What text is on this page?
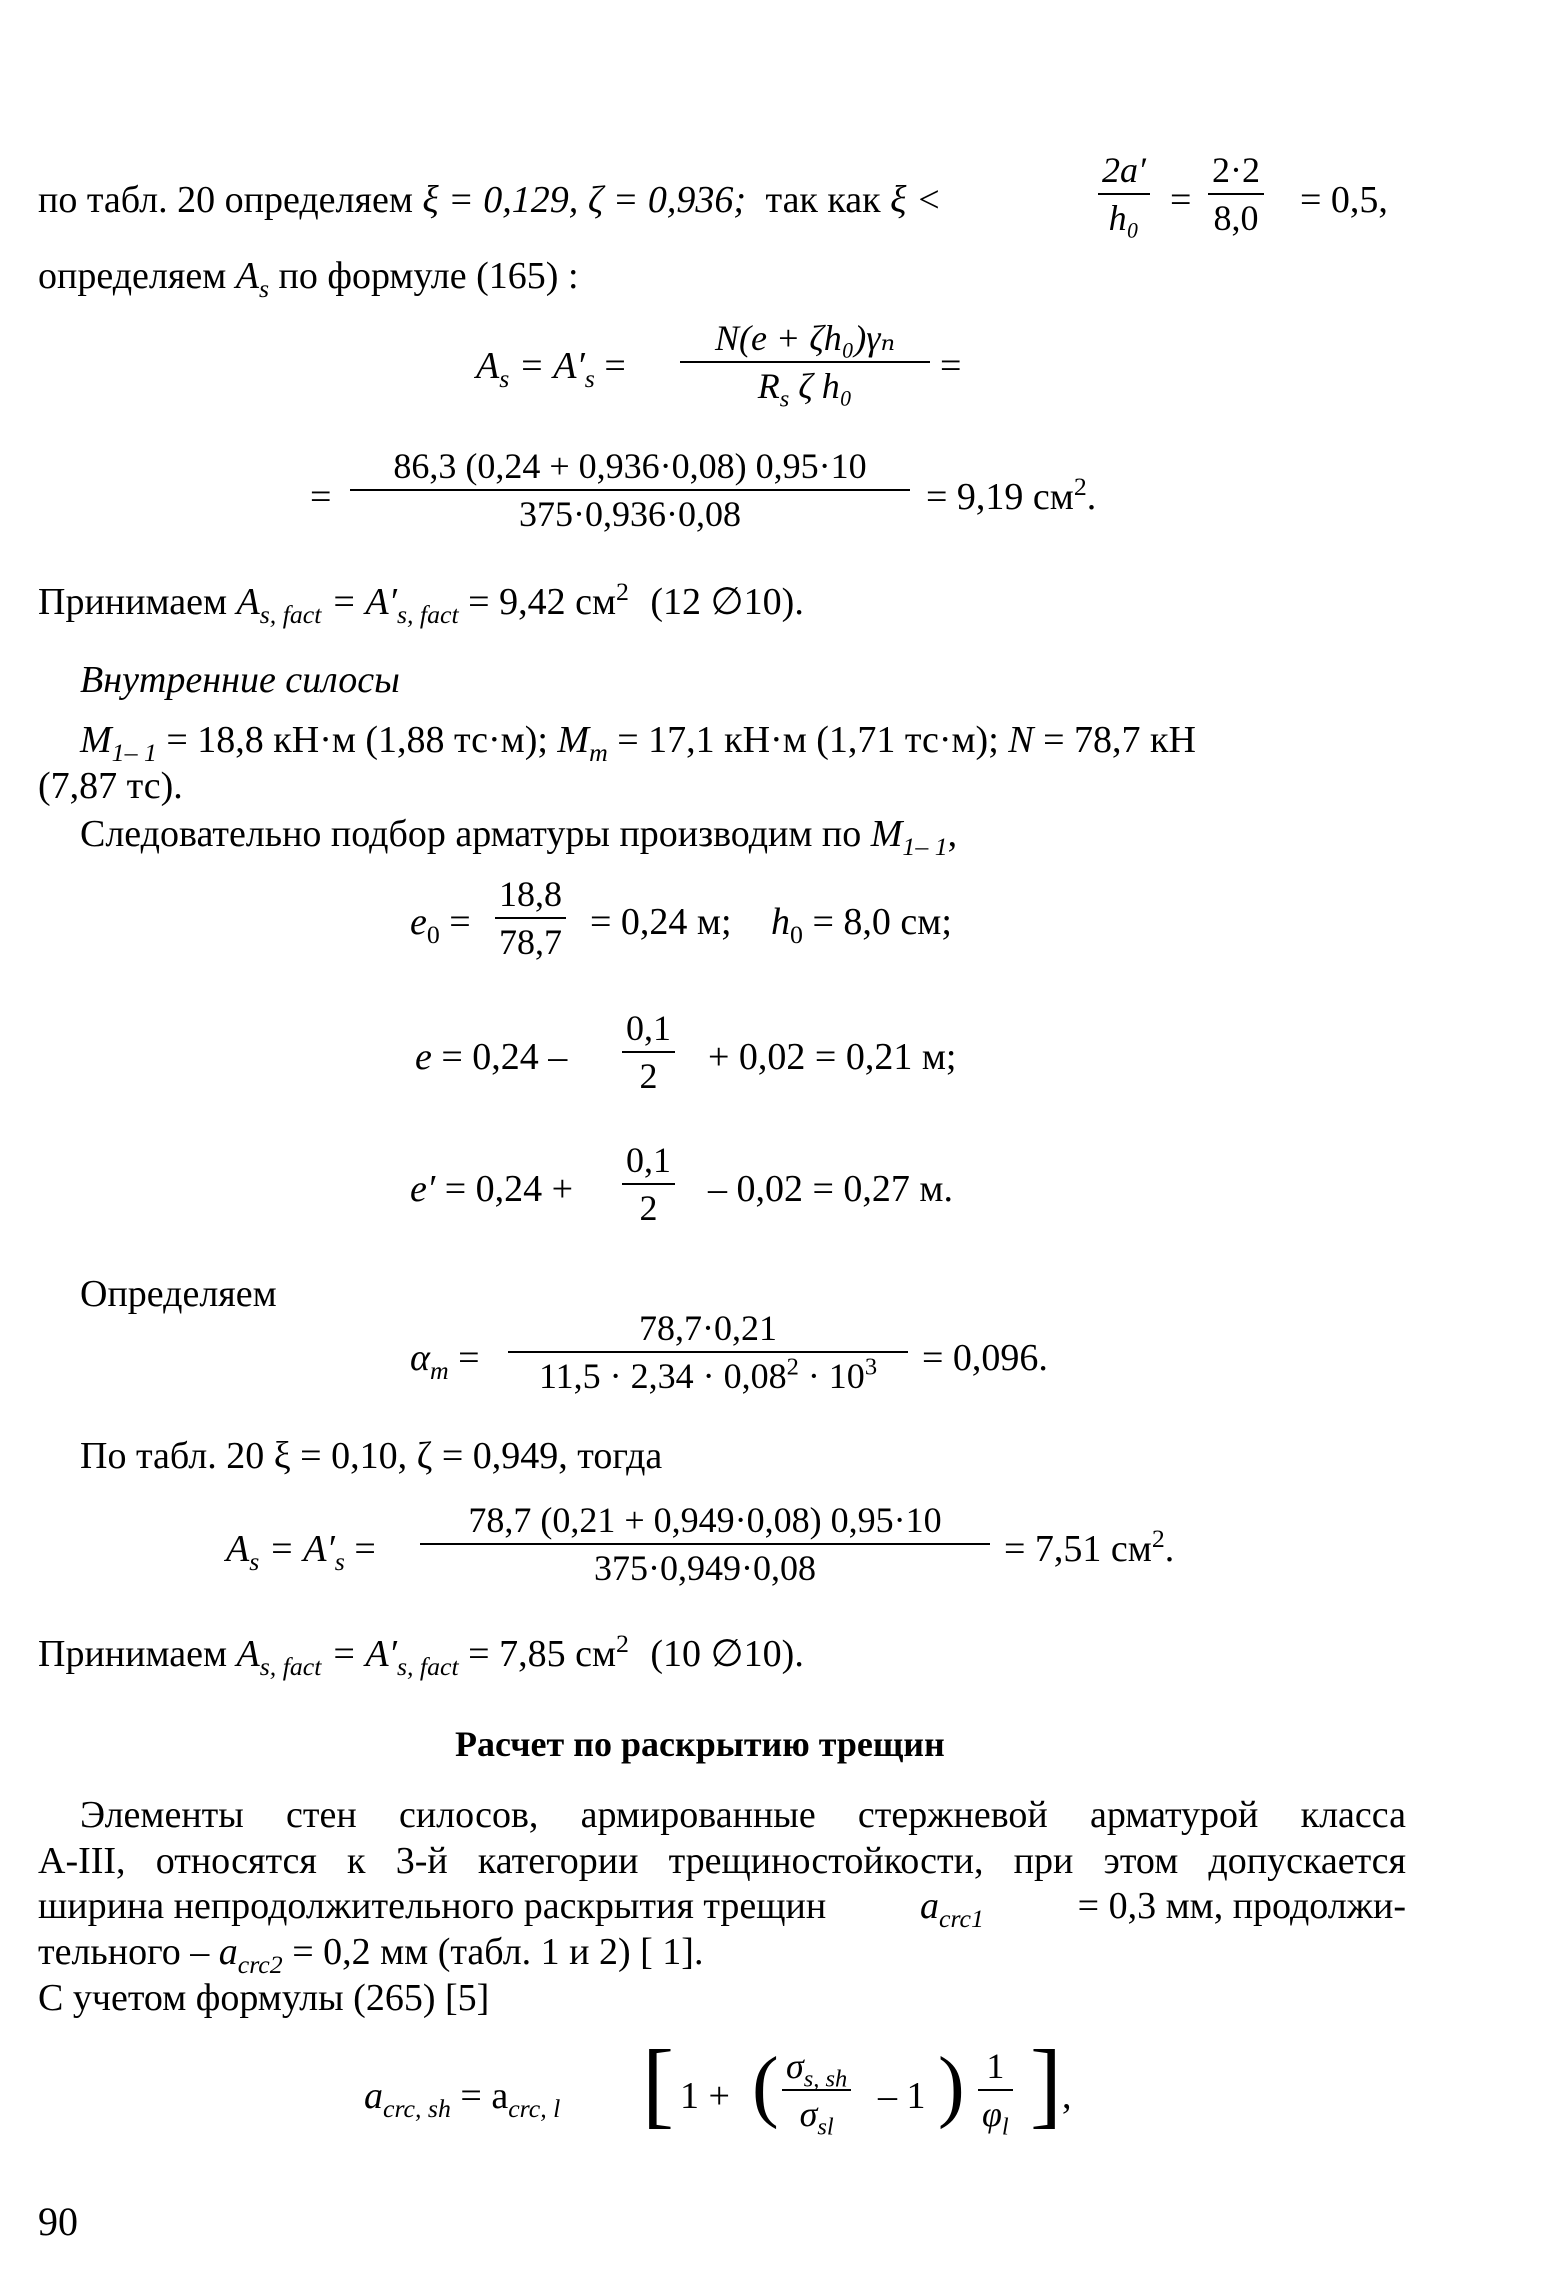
по табл. 20 определяем ξ = 0,129, ζ = 0,936; так как ξ <	$\frac{2a'}{\text{h₀}} = \frac{2\cdot 2}{8,0} = 0,5$,
определяем $A_s$ по формуле (165) :
$A_s = A'_s = \frac{\text{N(e + ζh₀)γₙ}}{R_s \zeta h_0}$ =
= $\frac{86,3 (0,24 + 0,936\cdot 0,08) 0,95\cdot 10}{375\cdot 0,936\cdot 0,08} = 9,19$ $см^2$.
Принимаем $A_{s, fact} = A'_{s, fact} = 9,42$ $см^2$ (12 ∅10).
Внутренние силосы
$M_{1- 1} = 18,8$ кН·м (1,88 тс·м); $M_m = 17,1$ кН·м (1,71 тс·м); N = 78,7 кН
(7,87 тс).
Следовательно подбор арматуры производим по $M_{1- 1}$,
$e_0 = \frac{18,8}{78,7} = 0,24$ м; $h_0 = 8,0$ см;
$e = 0,24 - \frac{0,1}{2} + 0,02 = 0,21$ м;
$e' = 0,24 + \frac{0,1}{2} - 0,02 = 0,27$ м.
Определяем
$\alpha_m = \frac{78,7\cdot 0,21}{11,5 \cdot 2,34 \cdot 0,08^2 \cdot 10^3} = 0,096$.
По табл. 20 ξ = 0,10, ζ = 0,949, тогда
$A_s = A'_s = \frac{78,7 (0,21 + 0,949\cdot 0,08) 0,95\cdot 10}{375\cdot 0,949\cdot 0,08} = 7,51$ $см^2$.
Принимаем $A_{s, fact} = A'_{s, fact} = 7,85$ $см^2$ (10 ∅10).
Расчет по раскрытию трещин
Элементы стен силосов, армированные стержневой арматурой класса
А-III, относятся к 3-й категории трещиностойкости, при этом допускается
ширина непродолжительного раскрытия трещин $a_{crc1} = 0,3$ мм, продолжи-
тельного – $a_{crc2} = 0,2$ мм (табл. 1 и 2) [ 1].
С учетом формулы (265) [5]
$a_{crc, sh} = a_{crc, l}$ [ 1 + ( $\sigma_{s, sh}$
$\sigma_{sl}$
– 1 ) $\frac{1}{\varphi_l}$ ] ,
90
